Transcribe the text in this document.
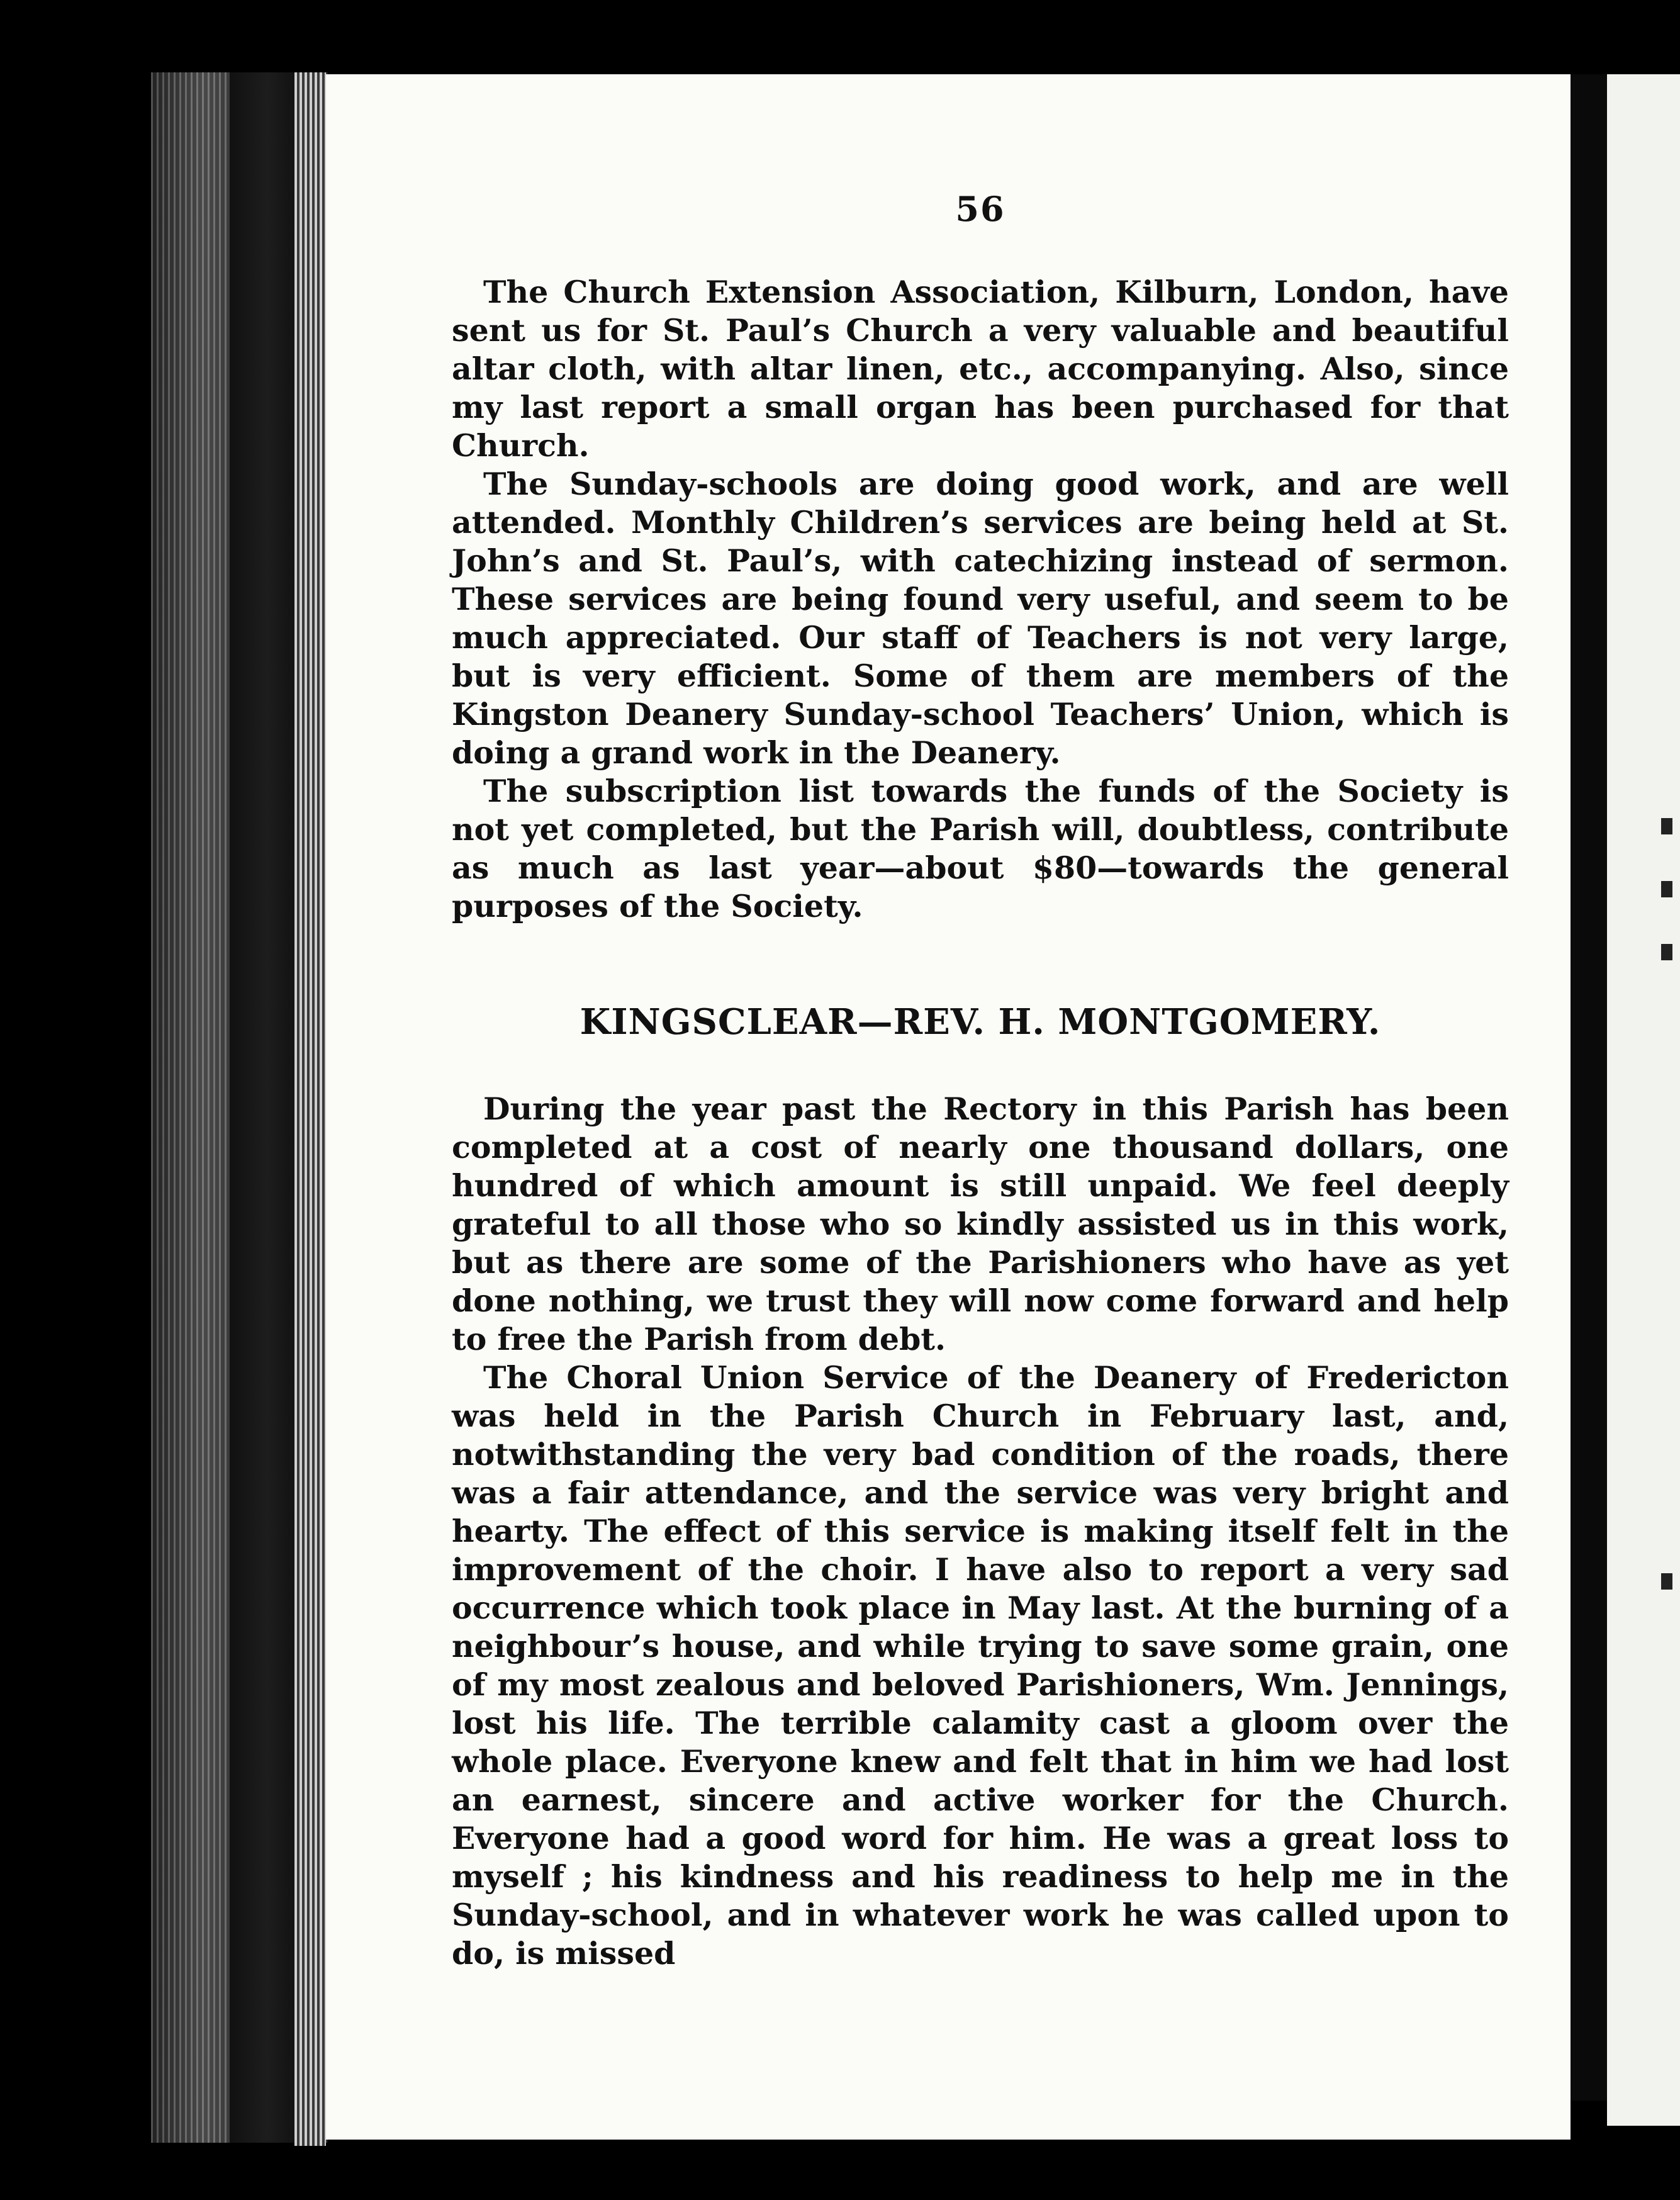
56

The Church Extension Association, Kilburn, London, have sent us for St. Paul’s Church a very valuable and beautiful altar cloth, with altar linen, etc., accompanying. Also, since my last report a small organ has been purchased for that Church.

The Sunday-schools are doing good work, and are well attended. Monthly Children’s services are being held at St. John’s and St. Paul’s, with catechizing instead of sermon. These services are being found very useful, and seem to be much appreciated. Our staff of Teachers is not very large, but is very efficient. Some of them are members of the Kingston Deanery Sunday-school Teachers’ Union, which is doing a grand work in the Deanery.

The subscription list towards the funds of the Society is not yet completed, but the Parish will, doubtless, contribute as much as last year—about $80—towards the general purposes of the Society.

KINGSCLEAR—REV. H. MONTGOMERY.

During the year past the Rectory in this Parish has been completed at a cost of nearly one thousand dollars, one hundred of which amount is still unpaid. We feel deeply grateful to all those who so kindly assisted us in this work, but as there are some of the Parishioners who have as yet done nothing, we trust they will now come forward and help to free the Parish from debt.

The Choral Union Service of the Deanery of Fredericton was held in the Parish Church in February last, and, notwithstanding the very bad condition of the roads, there was a fair attendance, and the service was very bright and hearty. The effect of this service is making itself felt in the improvement of the choir. I have also to report a very sad occurrence which took place in May last. At the burning of a neighbour’s house, and while trying to save some grain, one of my most zealous and beloved Parishioners, Wm. Jennings, lost his life. The terrible calamity cast a gloom over the whole place. Everyone knew and felt that in him we had lost an earnest, sincere and active worker for the Church. Everyone had a good word for him. He was a great loss to myself ; his kindness and his readiness to help me in the Sunday-school, and in whatever work he was called upon to do, is missed
